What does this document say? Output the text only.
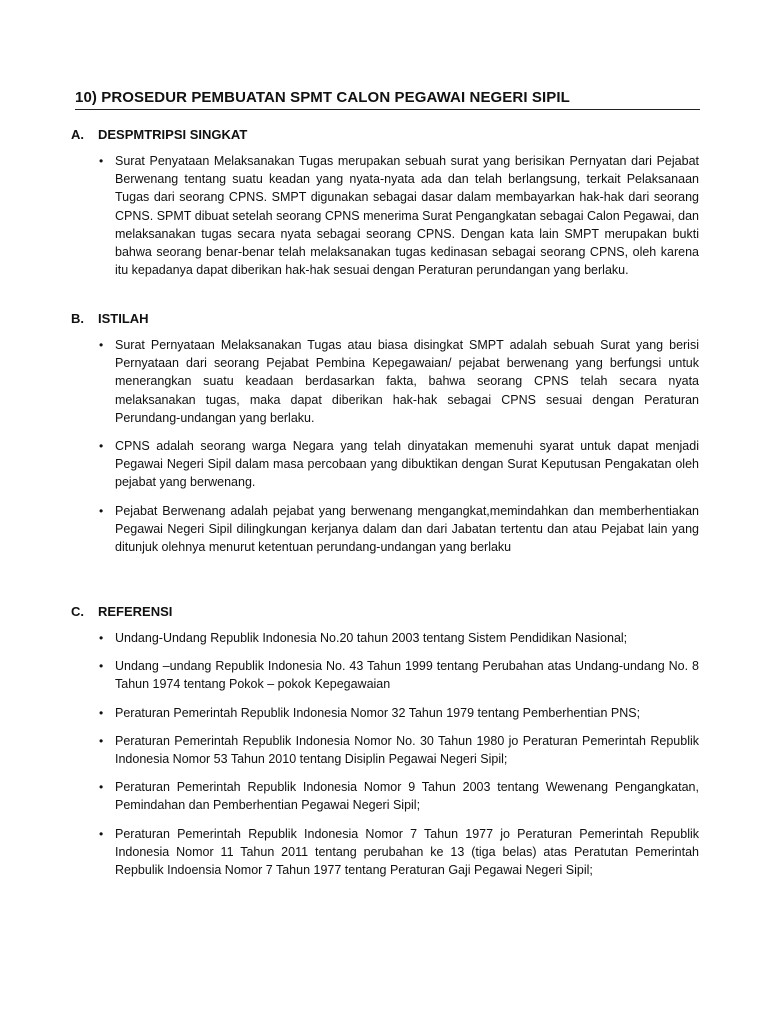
10) PROSEDUR PEMBUATAN SPMT CALON PEGAWAI NEGERI SIPIL
A.	DESPMTRIPSI SINGKAT
• Surat Penyataan Melaksanakan Tugas merupakan sebuah surat yang berisikan Pernyatan dari Pejabat Berwenang tentang suatu keadan yang nyata-nyata ada dan telah berlangsung, terkait Pelaksanaan Tugas dari seorang CPNS. SMPT digunakan sebagai dasar dalam membayarkan hak-hak dari seorang CPNS. SPMT dibuat setelah seorang CPNS menerima Surat Pengangkatan sebagai Calon Pegawai, dan melaksanakan tugas secara nyata sebagai seorang CPNS. Dengan kata lain SMPT merupakan bukti bahwa seorang benar-benar telah melaksanakan tugas kedinasan sebagai seorang CPNS, oleh karena itu kepadanya dapat diberikan hak-hak sesuai dengan Peraturan perundangan yang berlaku.
B.	ISTILAH
• Surat Pernyataan Melaksanakan Tugas atau biasa disingkat SMPT adalah sebuah Surat yang berisi Pernyataan dari seorang Pejabat Pembina Kepegawaian/ pejabat berwenang yang berfungsi untuk menerangkan suatu keadaan berdasarkan fakta, bahwa seorang CPNS telah secara nyata melaksanakan tugas, maka dapat diberikan hak-hak sebagai CPNS sesuai dengan Peraturan Perundang-undangan yang berlaku.
• CPNS adalah seorang warga Negara yang telah dinyatakan memenuhi syarat untuk dapat menjadi Pegawai Negeri Sipil dalam masa percobaan yang dibuktikan dengan Surat Keputusan Pengakatan oleh pejabat yang berwenang.
• Pejabat Berwenang adalah pejabat yang berwenang mengangkat,memindahkan dan memberhentiakan Pegawai Negeri Sipil dilingkungan kerjanya dalam dan dari Jabatan tertentu dan atau Pejabat lain yang ditunjuk olehnya menurut ketentuan perundang-undangan yang berlaku
C.	REFERENSI
• Undang-Undang Republik Indonesia No.20 tahun 2003 tentang Sistem Pendidikan Nasional;
• Undang –undang Republik Indonesia No. 43 Tahun 1999 tentang Perubahan atas Undang-undang No. 8 Tahun 1974 tentang Pokok – pokok Kepegawaian
• Peraturan Pemerintah Republik Indonesia Nomor 32 Tahun 1979 tentang Pemberhentian PNS;
• Peraturan Pemerintah Republik Indonesia Nomor No. 30 Tahun 1980 jo Peraturan Pemerintah Republik Indonesia Nomor 53 Tahun 2010 tentang Disiplin Pegawai Negeri Sipil;
• Peraturan Pemerintah Republik Indonesia Nomor 9 Tahun 2003 tentang Wewenang Pengangkatan, Pemindahan dan Pemberhentian Pegawai Negeri Sipil;
• Peraturan Pemerintah Republik Indonesia Nomor 7 Tahun 1977 jo Peraturan Pemerintah Republik Indonesia Nomor 11 Tahun 2011 tentang perubahan ke 13 (tiga belas) atas Peratutan Pemerintah Repbulik Indoensia Nomor 7 Tahun 1977 tentang Peraturan Gaji Pegawai Negeri Sipil;
